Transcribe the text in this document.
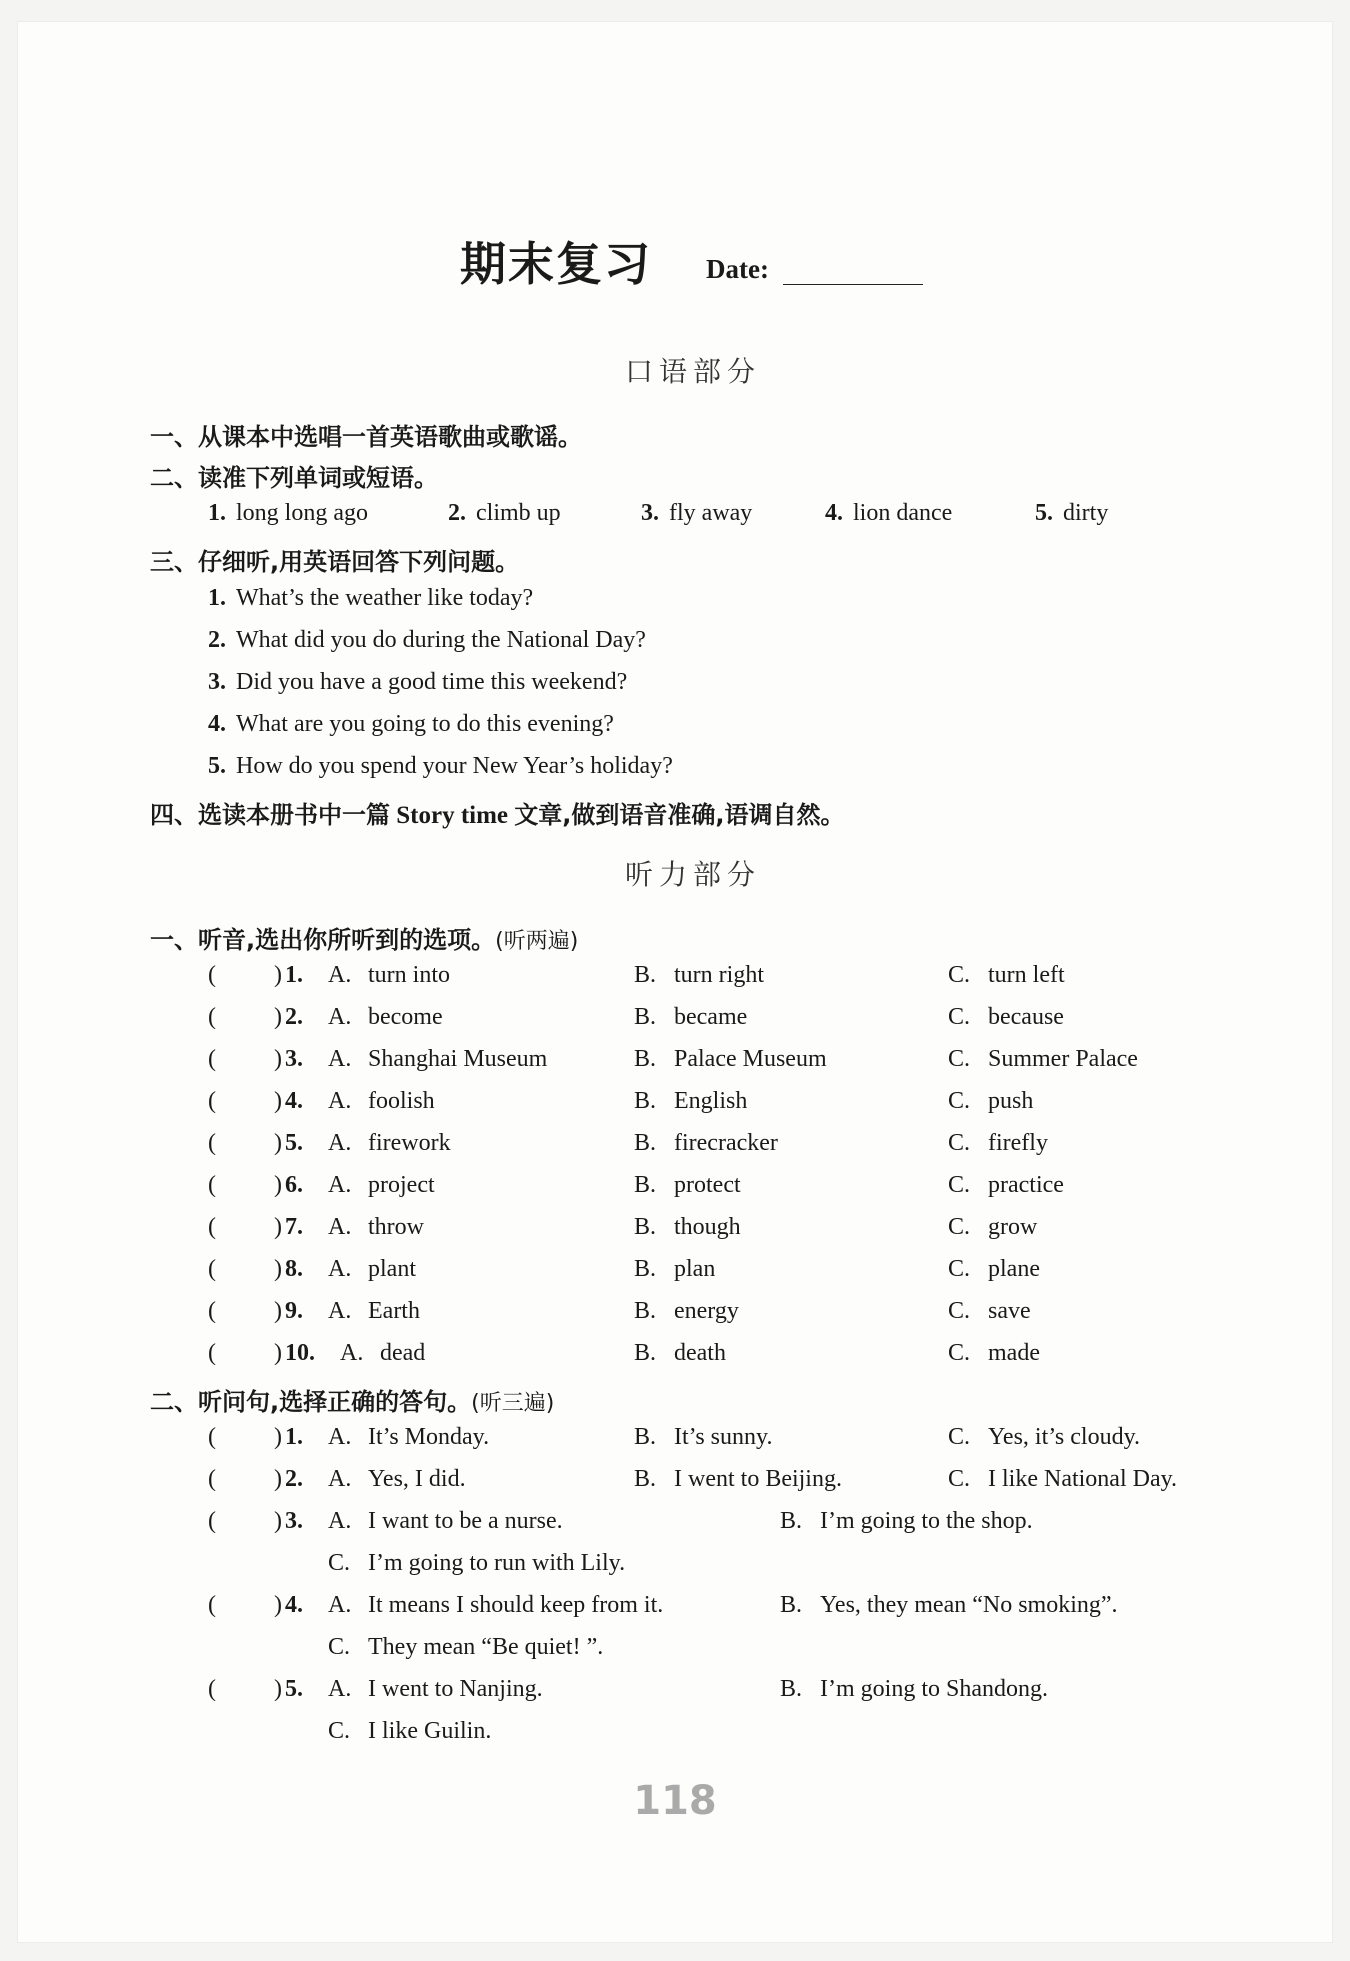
期末复习 Date:
口语部分
一、从课本中选唱一首英语歌曲或歌谣。
二、读准下列单词或短语。
1. long long ago	2. climb up	3. fly away	4. lion dance	5. dirty
三、仔细听,用英语回答下列问题。
1. What’s the weather like today?
2. What did you do during the National Day?
3. Did you have a good time this weekend?
4. What are you going to do this evening?
5. How do you spend your New Year’s holiday?
四、选读本册书中一篇 Story time 文章,做到语音准确,语调自然。
听力部分
一、听音,选出你所听到的选项。(听两遍)
( ) 1. A. turn into	B. turn right	C. turn left
( ) 2. A. become	B. became	C. because
( ) 3. A. Shanghai Museum	B. Palace Museum	C. Summer Palace
( ) 4. A. foolish	B. English	C. push
( ) 5. A. firework	B. firecracker	C. firefly
( ) 6. A. project	B. protect	C. practice
( ) 7. A. throw	B. though	C. grow
( ) 8. A. plant	B. plan	C. plane
( ) 9. A. Earth	B. energy	C. save
( ) 10. A. dead	B. death	C. made
二、听问句,选择正确的答句。(听三遍)
( ) 1. A. It’s Monday.	B. It’s sunny.	C. Yes, it’s cloudy.
( ) 2. A. Yes, I did.	B. I went to Beijing.	C. I like National Day.
( ) 3. A. I want to be a nurse.	B. I’m going to the shop.
C. I’m going to run with Lily.
( ) 4. A. It means I should keep from it.	B. Yes, they mean “No smoking”.
C. They mean “Be quiet! ”.
( ) 5. A. I went to Nanjing.	B. I’m going to Shandong.
C. I like Guilin.
118
